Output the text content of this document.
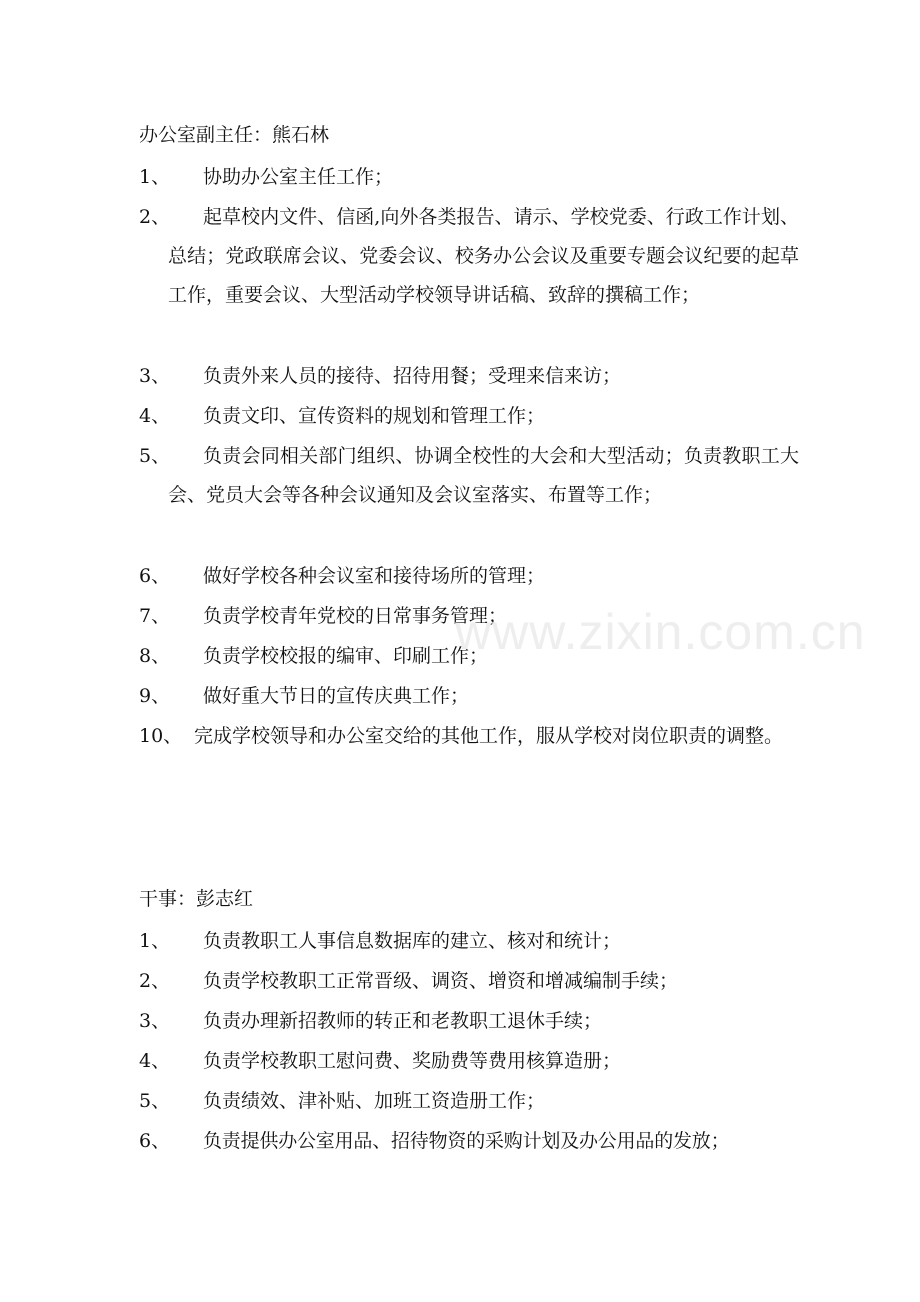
办公室副主任：熊石林
1、	协助办公室主任工作；
2、	起草校内文件、信函,向外各类报告、请示、学校党委、行政工作计划、总结；党政联席会议、党委会议、校务办公会议及重要专题会议纪要的起草工作，重要会议、大型活动学校领导讲话稿、致辞的撰稿工作；
3、	负责外来人员的接待、招待用餐；受理来信来访；
4、	负责文印、宣传资料的规划和管理工作；
5、	负责会同相关部门组织、协调全校性的大会和大型活动；负责教职工大会、党员大会等各种会议通知及会议室落实、布置等工作；
6、	做好学校各种会议室和接待场所的管理；
7、	负责学校青年党校的日常事务管理；
8、	负责学校校报的编审、印刷工作；
9、	做好重大节日的宣传庆典工作；
10、 完成学校领导和办公室交给的其他工作，服从学校对岗位职责的调整。
干事：彭志红
1、	负责教职工人事信息数据库的建立、核对和统计；
2、	负责学校教职工正常晋级、调资、增资和增减编制手续；
3、	负责办理新招教师的转正和老教职工退休手续；
4、	负责学校教职工慰问费、奖励费等费用核算造册；
5、	负责绩效、津补贴、加班工资造册工作；
6、	负责提供办公室用品、招待物资的采购计划及办公用品的发放；
www.zixin.com.cn
